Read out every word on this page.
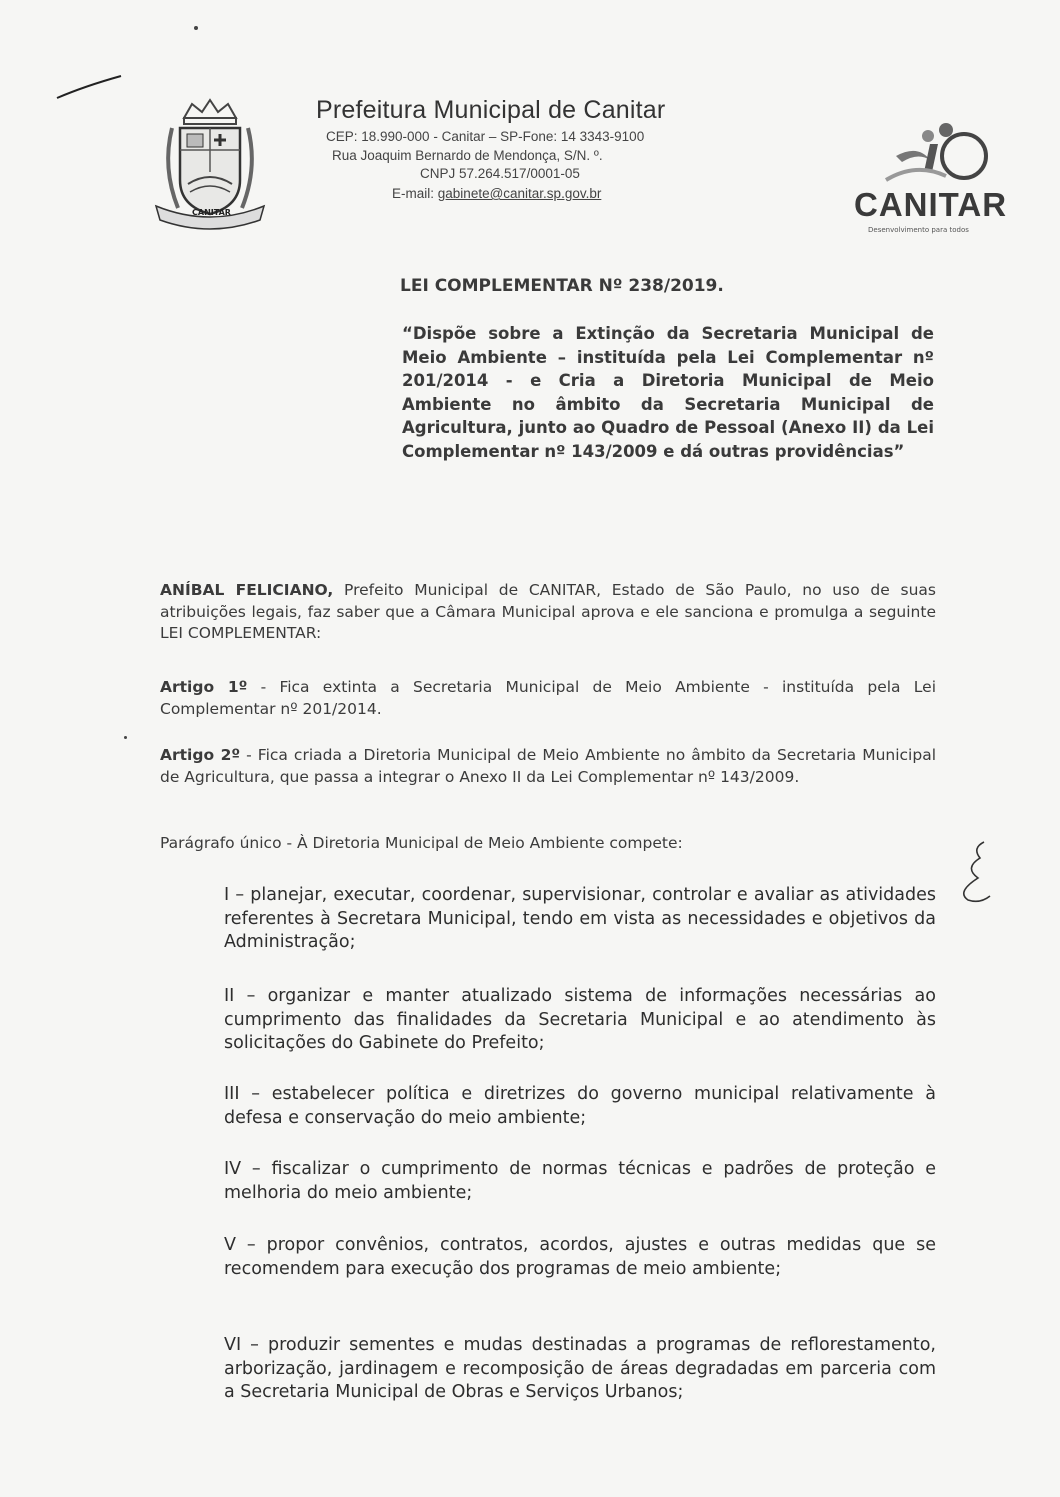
CANITAR
Prefeitura Municipal de Canitar
CEP: 18.990-000 - Canitar – SP-Fone: 14 3343-9100
Rua Joaquim Bernardo de Mendonça, S/N. º.
CNPJ 57.264.517/0001-05
E-mail: gabinete@canitar.sp.gov.br	CANITAR
Desenvolvimento para todos
LEI COMPLEMENTAR Nº 238/2019.
“Dispõe sobre a Extinção da Secretaria Municipal de Meio Ambiente – instituída pela Lei Complementar nº 201/2014 - e Cria a Diretoria Municipal de Meio Ambiente no âmbito da Secretaria Municipal de Agricultura, junto ao Quadro de Pessoal (Anexo II) da Lei Complementar nº 143/2009 e dá outras providências”
ANÍBAL FELICIANO, Prefeito Municipal de CANITAR, Estado de São Paulo, no uso de suas atribuições legais, faz saber que a Câmara Municipal aprova e ele sanciona e promulga a seguinte LEI COMPLEMENTAR:
Artigo 1º - Fica extinta a Secretaria Municipal de Meio Ambiente - instituída pela Lei Complementar nº 201/2014.
Artigo 2º - Fica criada a Diretoria Municipal de Meio Ambiente no âmbito da Secretaria Municipal de Agricultura, que passa a integrar o Anexo II da Lei Complementar nº 143/2009.
Parágrafo único - À Diretoria Municipal de Meio Ambiente compete:
I – planejar, executar, coordenar, supervisionar, controlar e avaliar as atividades referentes à Secretara Municipal, tendo em vista as necessidades e objetivos da Administração;
II – organizar e manter atualizado sistema de informações necessárias ao cumprimento das finalidades da Secretaria Municipal e ao atendimento às solicitações do Gabinete do Prefeito;
III – estabelecer política e diretrizes do governo municipal relativamente à defesa e conservação do meio ambiente;
IV – fiscalizar o cumprimento de normas técnicas e padrões de proteção e melhoria do meio ambiente;
V – propor convênios, contratos, acordos, ajustes e outras medidas que se recomendem para execução dos programas de meio ambiente;
VI – produzir sementes e mudas destinadas a programas de reflorestamento, arborização, jardinagem e recomposição de áreas degradadas em parceria com a Secretaria Municipal de Obras e Serviços Urbanos;
